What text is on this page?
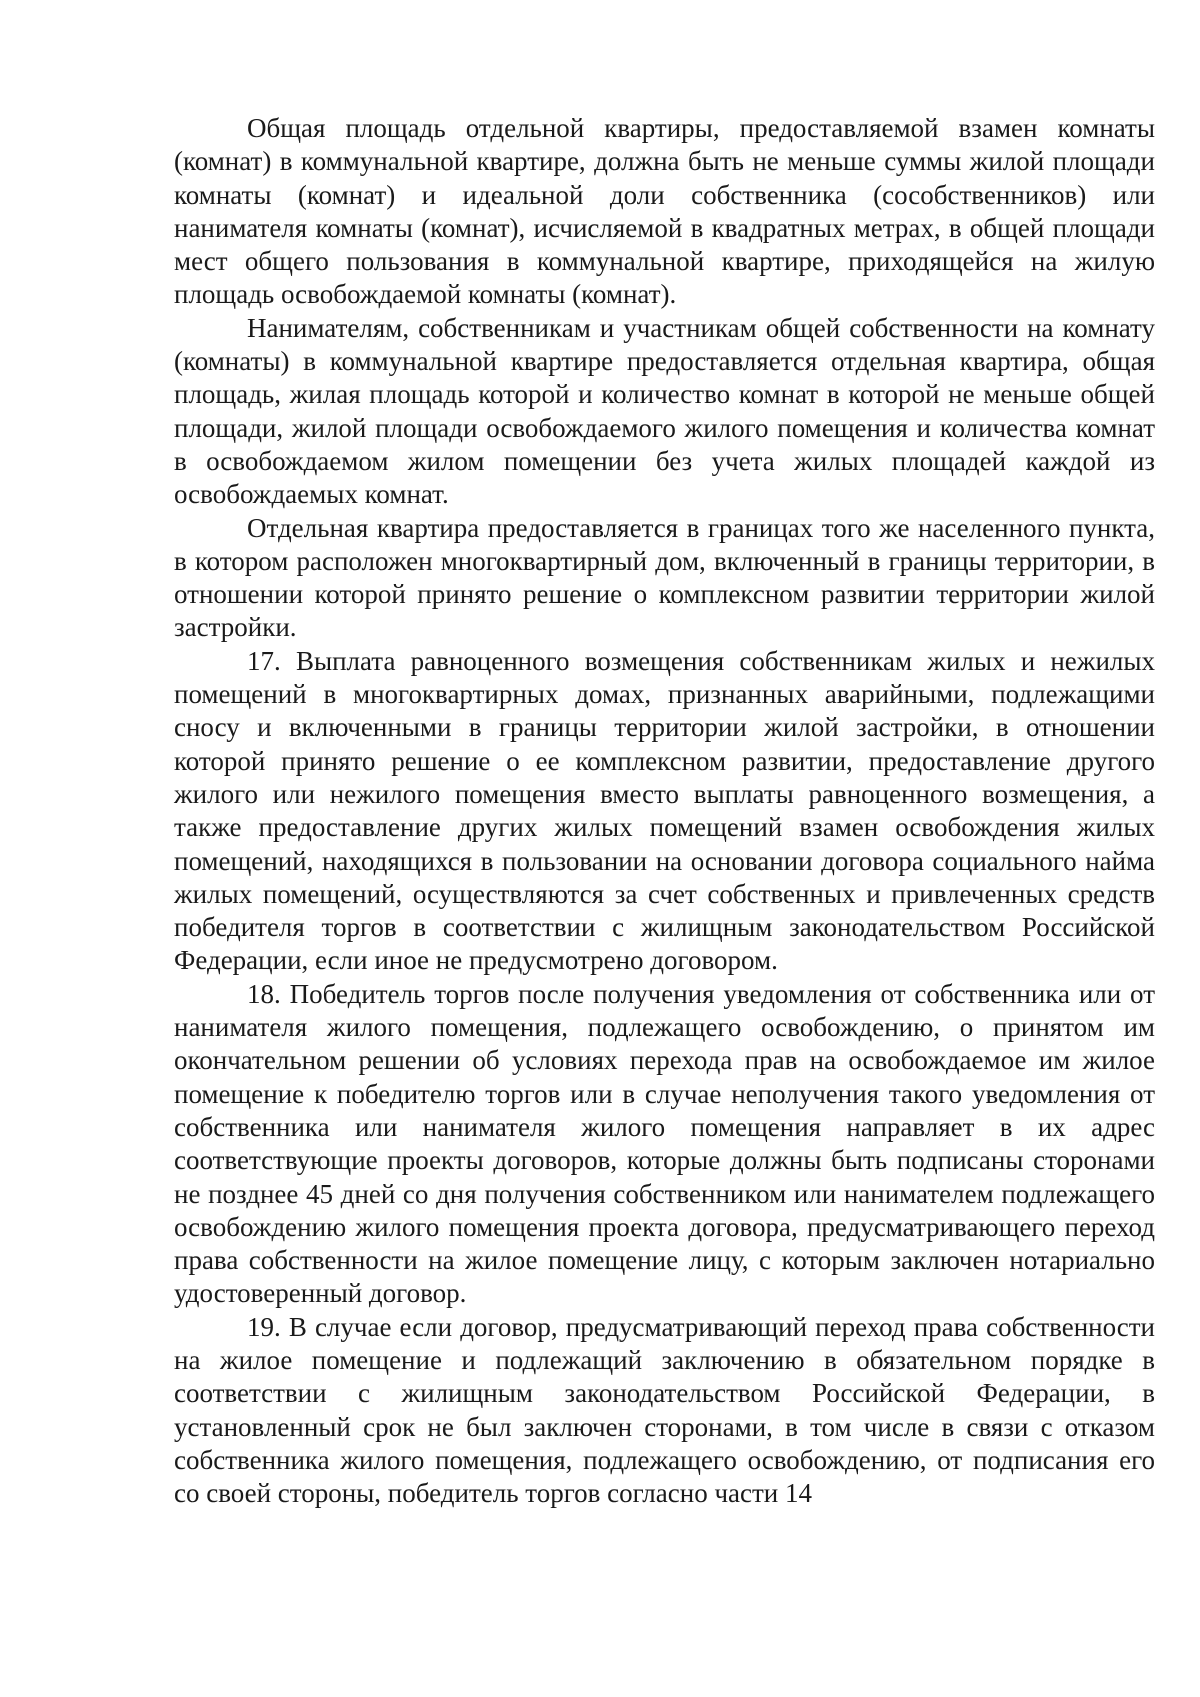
Общая площадь отдельной квартиры, предоставляемой взамен комнаты (комнат) в коммунальной квартире, должна быть не меньше суммы жилой площади комнаты (комнат) и идеальной доли собственника (сособственников) или нанимателя комнаты (комнат), исчисляемой в квадратных метрах, в общей площади мест общего пользования в коммунальной квартире, приходящейся на жилую площадь освобождаемой комнаты (комнат).

Нанимателям, собственникам и участникам общей собственности на комнату (комнаты) в коммунальной квартире предоставляется отдельная квартира, общая площадь, жилая площадь которой и количество комнат в которой не меньше общей площади, жилой площади освобождаемого жилого помещения и количества комнат в освобождаемом жилом помещении без учета жилых площадей каждой из освобождаемых комнат.

Отдельная квартира предоставляется в границах того же населенного пункта, в котором расположен многоквартирный дом, включенный в границы территории, в отношении которой принято решение о комплексном развитии территории жилой застройки.

17. Выплата равноценного возмещения собственникам жилых и нежилых помещений в многоквартирных домах, признанных аварийными, подлежащими сносу и включенными в границы территории жилой застройки, в отношении которой принято решение о ее комплексном развитии, предоставление другого жилого или нежилого помещения вместо выплаты равноценного возмещения, а также предоставление других жилых помещений взамен освобождения жилых помещений, находящихся в пользовании на основании договора социального найма жилых помещений, осуществляются за счет собственных и привлеченных средств победителя торгов в соответствии с жилищным законодательством Российской Федерации, если иное не предусмотрено договором.

18. Победитель торгов после получения уведомления от собственника или от нанимателя жилого помещения, подлежащего освобождению, о принятом им окончательном решении об условиях перехода прав на освобождаемое им жилое помещение к победителю торгов или в случае неполучения такого уведомления от собственника или нанимателя жилого помещения направляет в их адрес соответствующие проекты договоров, которые должны быть подписаны сторонами не позднее 45 дней со дня получения собственником или нанимателем подлежащего освобождению жилого помещения проекта договора, предусматривающего переход права собственности на жилое помещение лицу, с которым заключен нотариально удостоверенный договор.

19. В случае если договор, предусматривающий переход права собственности на жилое помещение и подлежащий заключению в обязательном порядке в соответствии с жилищным законодательством Российской Федерации, в установленный срок не был заключен сторонами, в том числе в связи с отказом собственника жилого помещения, подлежащего освобождению, от подписания его со своей стороны, победитель торгов согласно части 14
